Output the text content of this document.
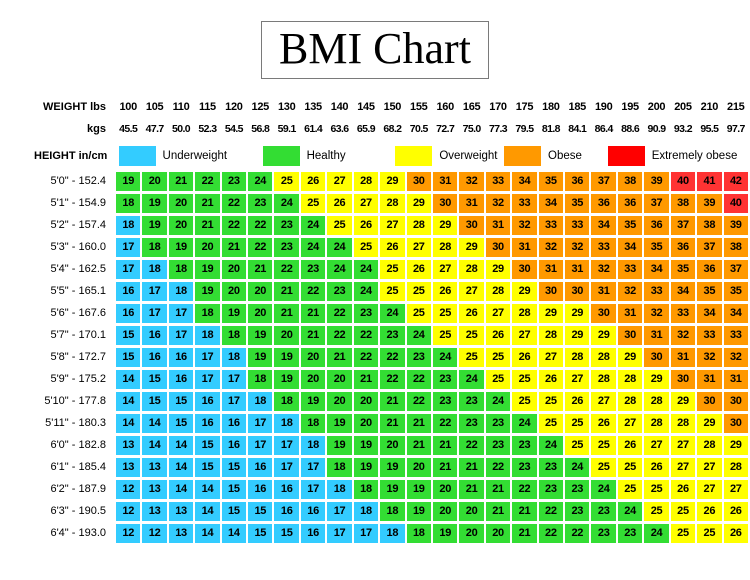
BMI Chart
WEIGHT lbs	100 105 110 115 120 125 130 135 140 145 150 155 160 165 170 175 180 185 190 195 200 205 210 215
kgs	45.5 47.7 50.0 52.3 54.5 56.8 59.1 61.4 63.6 65.9 68.2 70.5 72.7 75.0 77.3 79.5 81.8 84.1 86.4 88.6 90.9 93.2 95.5 97.7
HEIGHT in/cm	Underweight	Healthy	Overweight	Obese	Extremely obese
5'0" - 152.4	19	20	21	22	23	24	25	26	27	28	29	30	31	32	33	34	35	36	37	38	39	40	41	42
5'1" - 154.9	18	19	20	21	22	23	24	25	26	27	28	29	30	31	32	33	34	35	36	36	37	38	39	40
5'2" - 157.4	18	19	20	21	22	22	23	24	25	26	27	28	29	30	31	32	33	33	34	35	36	37	38	39
5'3" - 160.0	17	18	19	20	21	22	23	24	24	25	26	27	28	29	30	31	32	32	33	34	35	36	37	38
5'4" - 162.5	17	18	18	19	20	21	22	23	24	24	25	26	27	28	29	30	31	31	32	33	34	35	36	37
5'5" - 165.1	16	17	18	19	20	20	21	22	23	24	25	25	26	27	28	29	30	30	31	32	33	34	35	35
5'6" - 167.6	16	17	17	18	19	20	21	21	22	23	24	25	25	26	27	28	29	29	30	31	32	33	34	34
5'7" - 170.1	15	16	17	18	18	19	20	21	22	22	23	24	25	25	26	27	28	29	29	30	31	32	33	33
5'8" - 172.7	15	16	16	17	18	19	19	20	21	22	22	23	24	25	25	26	27	28	28	29	30	31	32	32
5'9" - 175.2	14	15	16	17	17	18	19	20	20	21	22	22	23	24	25	25	26	27	28	28	29	30	31	31
5'10" - 177.8	14	15	15	16	17	18	18	19	20	20	21	22	23	23	24	25	25	26	27	28	28	29	30	30
5'11" - 180.3	14	14	15	16	16	17	18	18	19	20	21	21	22	23	23	24	25	25	26	27	28	28	29	30
6'0" - 182.8	13	14	14	15	16	17	17	18	19	19	20	21	21	22	23	23	24	25	25	26	27	27	28	29
6'1" - 185.4	13	13	14	15	15	16	17	17	18	19	19	20	21	21	22	23	23	24	25	25	26	27	27	28
6'2" - 187.9	12	13	14	14	15	16	16	17	18	18	19	19	20	21	21	22	23	23	24	25	25	26	27	27
6'3" - 190.5	12	13	13	14	15	15	16	16	17	18	18	19	20	20	21	21	22	23	23	24	25	25	26	26
6'4" - 193.0	12	12	13	14	14	15	15	16	17	17	18	18	19	20	20	21	22	22	23	23	24	25	25	26
